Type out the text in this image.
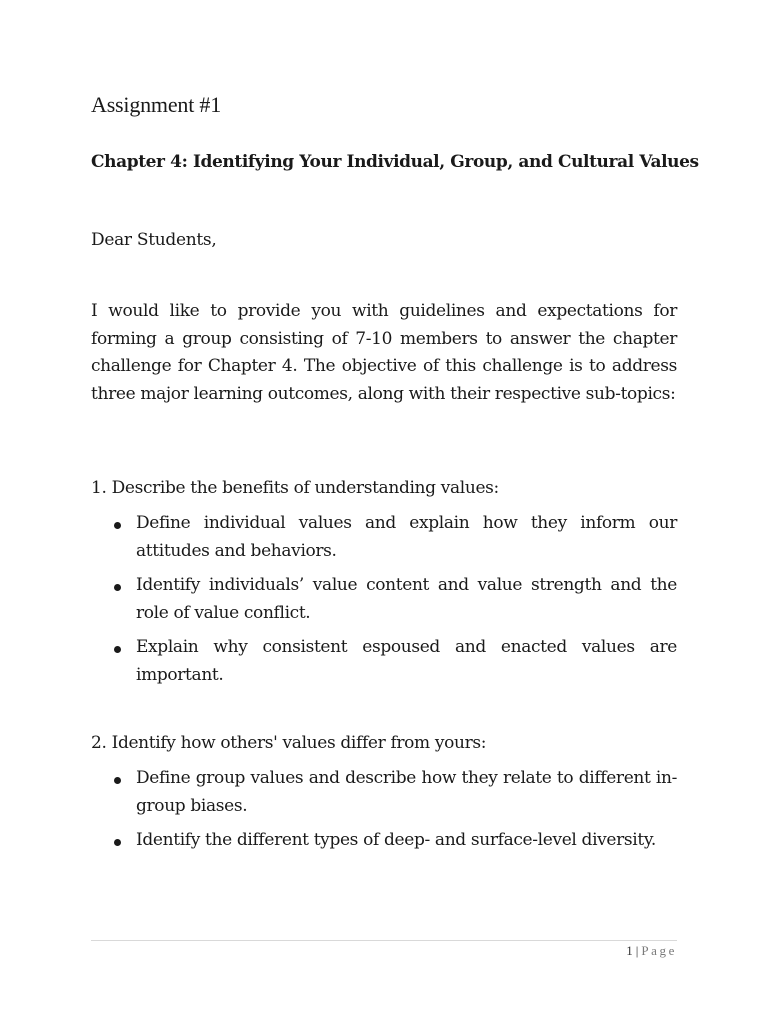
Assignment #1
Chapter 4: Identifying Your Individual, Group, and Cultural Values

Dear Students,

I would like to provide you with guidelines and expectations for forming a group consisting of 7-10 members to answer the chapter challenge for Chapter 4. The objective of this challenge is to address three major learning outcomes, along with their respective sub-topics:

1. Describe the benefits of understanding values:

Define individual values and explain how they inform our attitudes and behaviors.
Identify individuals’ value content and value strength and the role of value conflict.
Explain why consistent espoused and enacted values are important.

2. Identify how others' values differ from yours:

Define group values and describe how they relate to different in-group biases.
Identify the different types of deep- and surface-level diversity.
1 | Page
